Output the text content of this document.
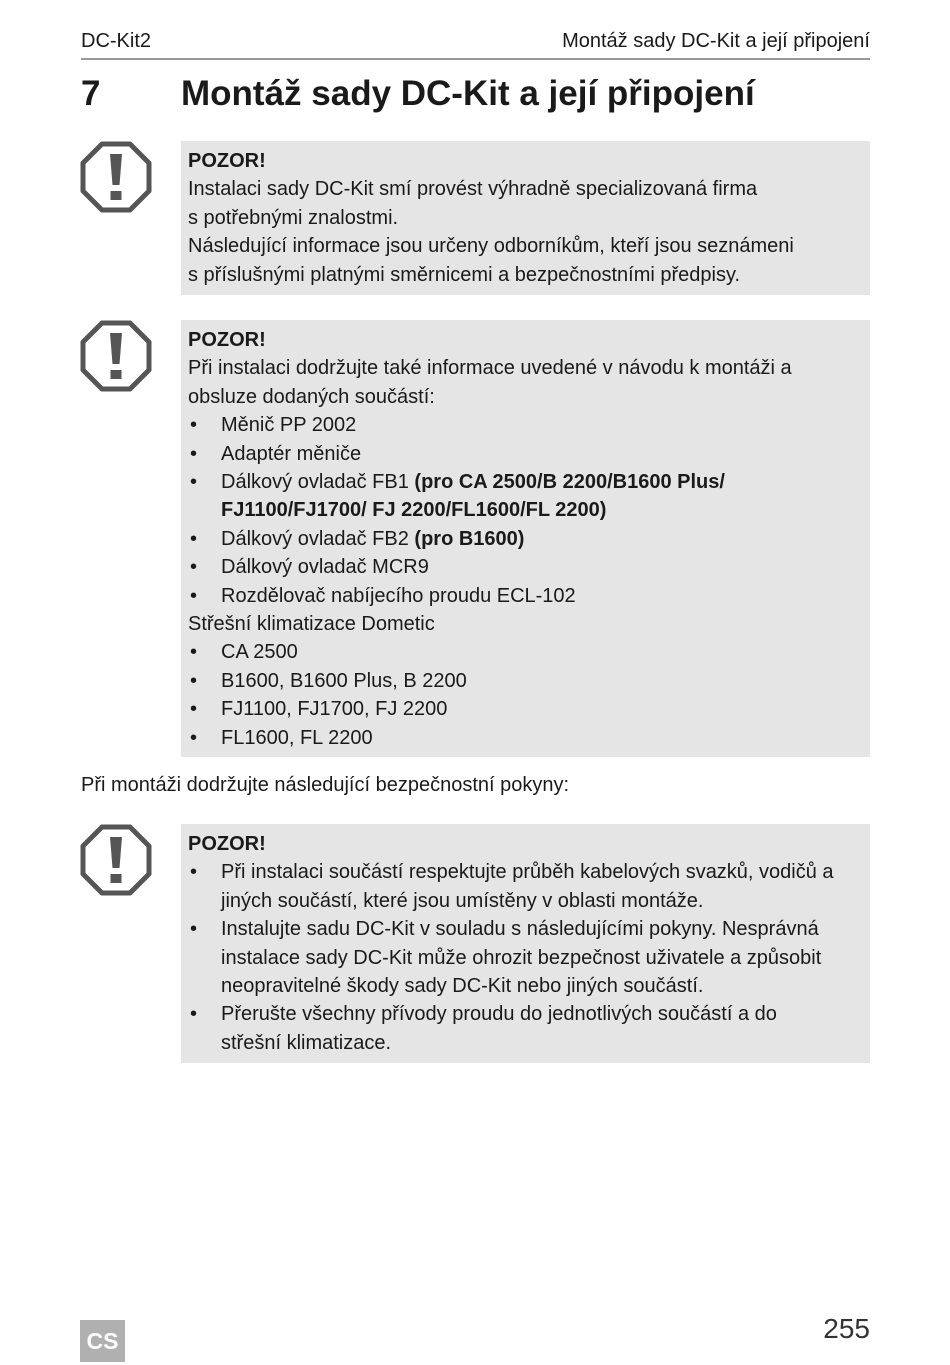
DC-Kit2	Montáž sady DC-Kit a její připojení
7 Montáž sady DC-Kit a její připojení
POZOR!
Instalaci sady DC-Kit smí provést výhradně specializovaná firma
s potřebnými znalostmi.
Následující informace jsou určeny odborníkům, kteří jsou seznámeni
s příslušnými platnými směrnicemi a bezpečnostními předpisy.
POZOR!
Při instalaci dodržujte také informace uvedené v návodu k montáži a
obsluze dodaných součástí:
• Měnič PP 2002
• Adaptér měniče
• Dálkový ovladač FB1 (pro CA 2500/B 2200/B1600 Plus/
FJ1100/FJ1700/ FJ 2200/FL1600/FL 2200)
• Dálkový ovladač FB2 (pro B1600)
• Dálkový ovladač MCR9
• Rozdělovač nabíjecího proudu ECL-102
Střešní klimatizace Dometic
• CA 2500
• B1600, B1600 Plus, B 2200
• FJ1100, FJ1700, FJ 2200
• FL1600, FL 2200
Při montáži dodržujte následující bezpečnostní pokyny:
POZOR!
• Při instalaci součástí respektujte průběh kabelových svazků, vodičů a
jiných součástí, které jsou umístěny v oblasti montáže.
• Instalujte sadu DC-Kit v souladu s následujícími pokyny. Nesprávná
instalace sady DC-Kit může ohrozit bezpečnost uživatele a způsobit
neopravitelné škody sady DC-Kit nebo jiných součástí.
• Přerušte všechny přívody proudu do jednotlivých součástí a do
střešní klimatizace.
CS	255
